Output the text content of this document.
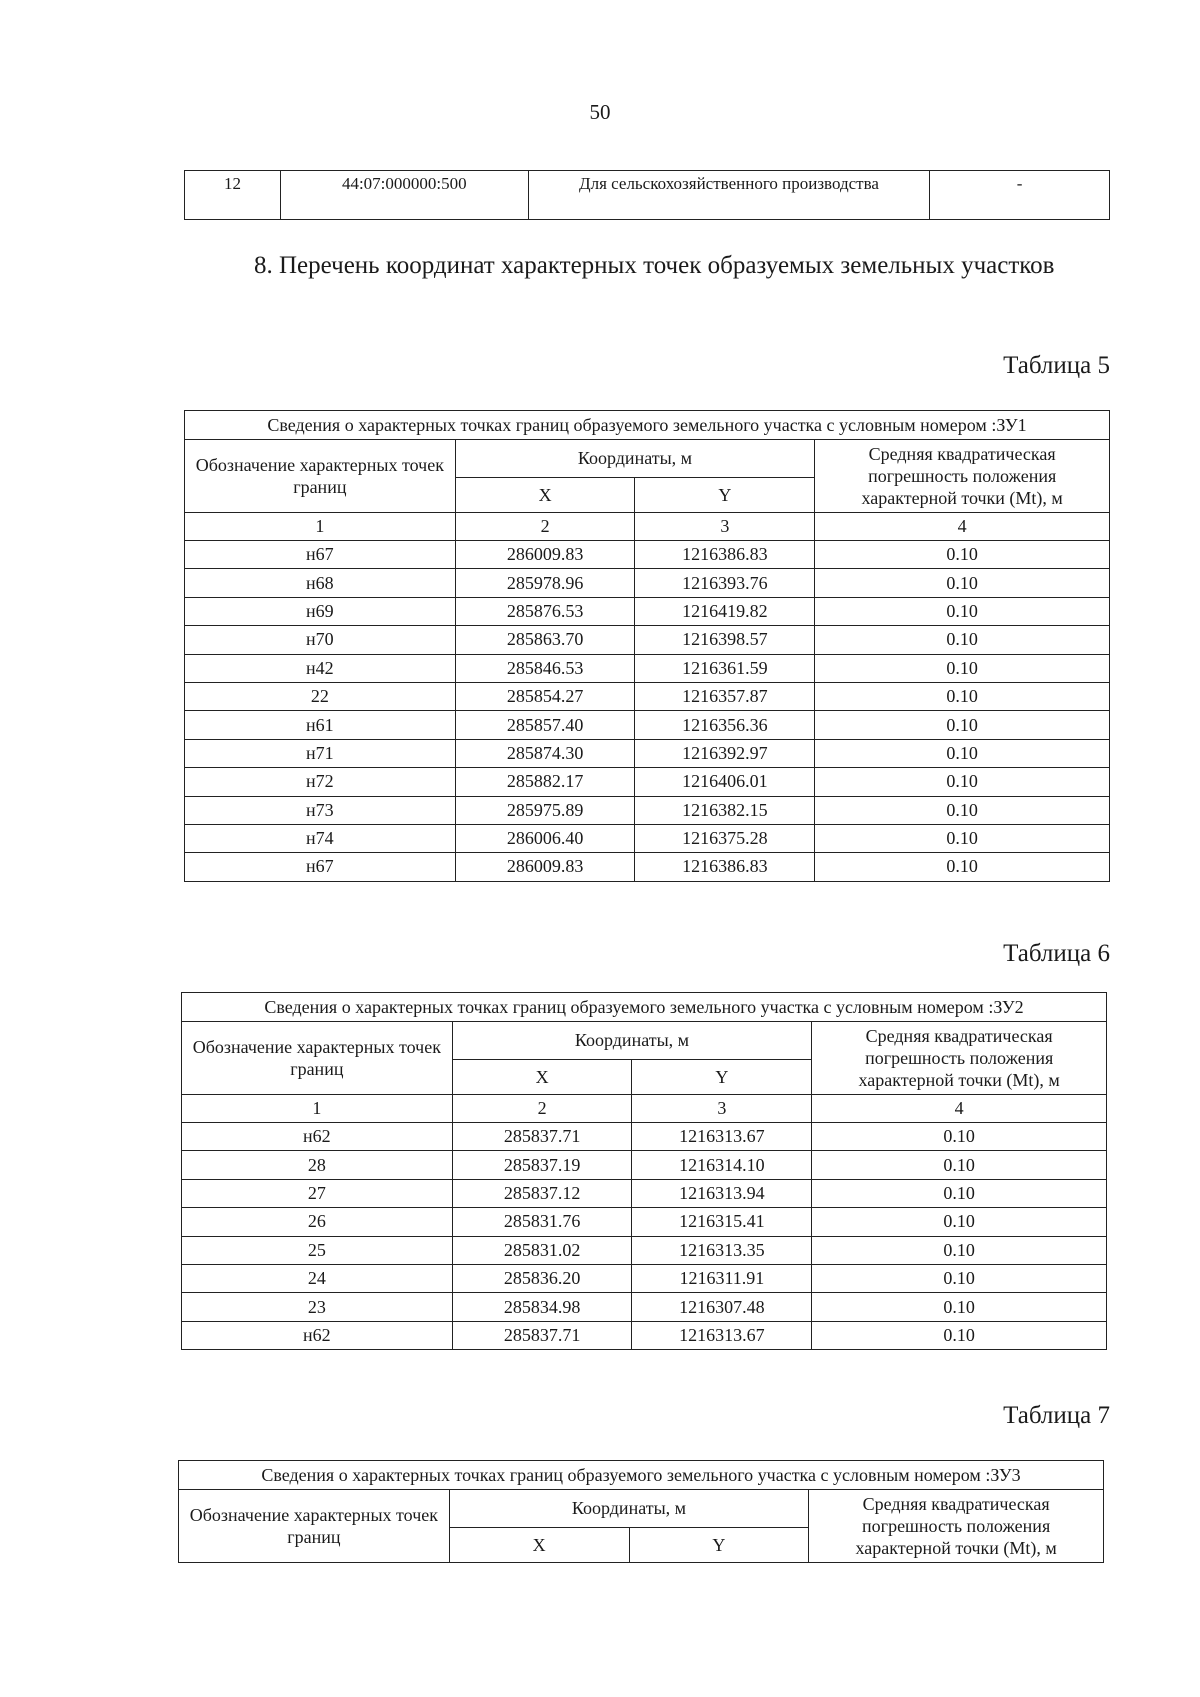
50
12	44:07:000000:500	Для сельскохозяйственного производства	-
8. Перечень координат характерных точек образуемых земельных участков
Таблица 5
Сведения о характерных точках границ образуемого земельного участка с условным номером :ЗУ1			
Обозначение характерных точек границ	Координаты, м		Средняя квадратическая погрешность положения характерной точки (Mt), м
	X	Y	
1	2	3	4
н67	286009.83	1216386.83	0.10
н68	285978.96	1216393.76	0.10
н69	285876.53	1216419.82	0.10
н70	285863.70	1216398.57	0.10
н42	285846.53	1216361.59	0.10
22	285854.27	1216357.87	0.10
н61	285857.40	1216356.36	0.10
н71	285874.30	1216392.97	0.10
н72	285882.17	1216406.01	0.10
н73	285975.89	1216382.15	0.10
н74	286006.40	1216375.28	0.10
н67	286009.83	1216386.83	0.10
Таблица 6
Сведения о характерных точках границ образуемого земельного участка с условным номером :ЗУ2			
Обозначение характерных точек границ	Координаты, м		Средняя квадратическая погрешность положения характерной точки (Mt), м
	X	Y	
1	2	3	4
н62	285837.71	1216313.67	0.10
28	285837.19	1216314.10	0.10
27	285837.12	1216313.94	0.10
26	285831.76	1216315.41	0.10
25	285831.02	1216313.35	0.10
24	285836.20	1216311.91	0.10
23	285834.98	1216307.48	0.10
н62	285837.71	1216313.67	0.10
Таблица 7
Сведения о характерных точках границ образуемого земельного участка с условным номером :ЗУ3			
Обозначение характерных точек границ	Координаты, м		Средняя квадратическая погрешность положения характерной точки (Mt), м
	X	Y	
